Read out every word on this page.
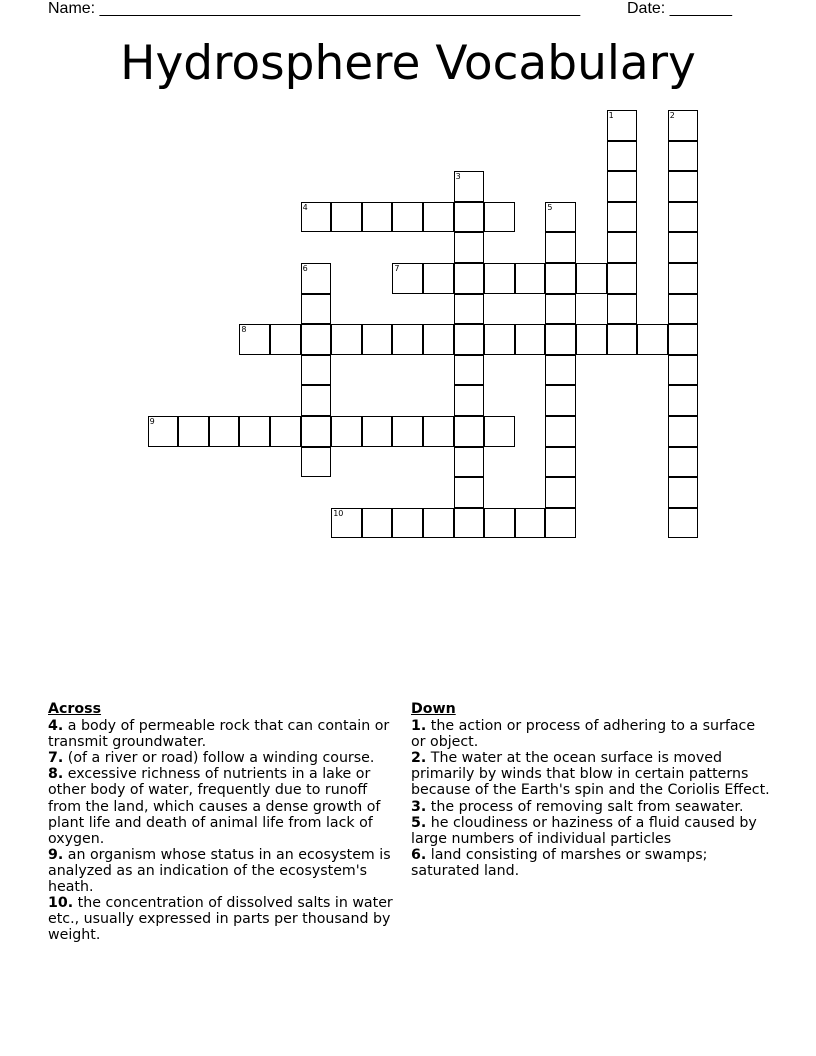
Name: ______________________________________________________	Date: _______
Hydrosphere Vocabulary
1	2
3
4	5
6	7
8
9
10
Across
4. a body of permeable rock that can contain or transmit groundwater.
7. (of a river or road) follow a winding course.
8. excessive richness of nutrients in a lake or other body of water, frequently due to runoff from the land, which causes a dense growth of plant life and death of animal life from lack of oxygen.
9. an organism whose status in an ecosystem is analyzed as an indication of the ecosystem's heath.
10. the concentration of dissolved salts in water etc., usually expressed in parts per thousand by weight.
Down
1. the action or process of adhering to a surface or object.
2. The water at the ocean surface is moved primarily by winds that blow in certain patterns because of the Earth's spin and the Coriolis Effect.
3. the process of removing salt from seawater.
5. he cloudiness or haziness of a fluid caused by large numbers of individual particles
6. land consisting of marshes or swamps; saturated land.
